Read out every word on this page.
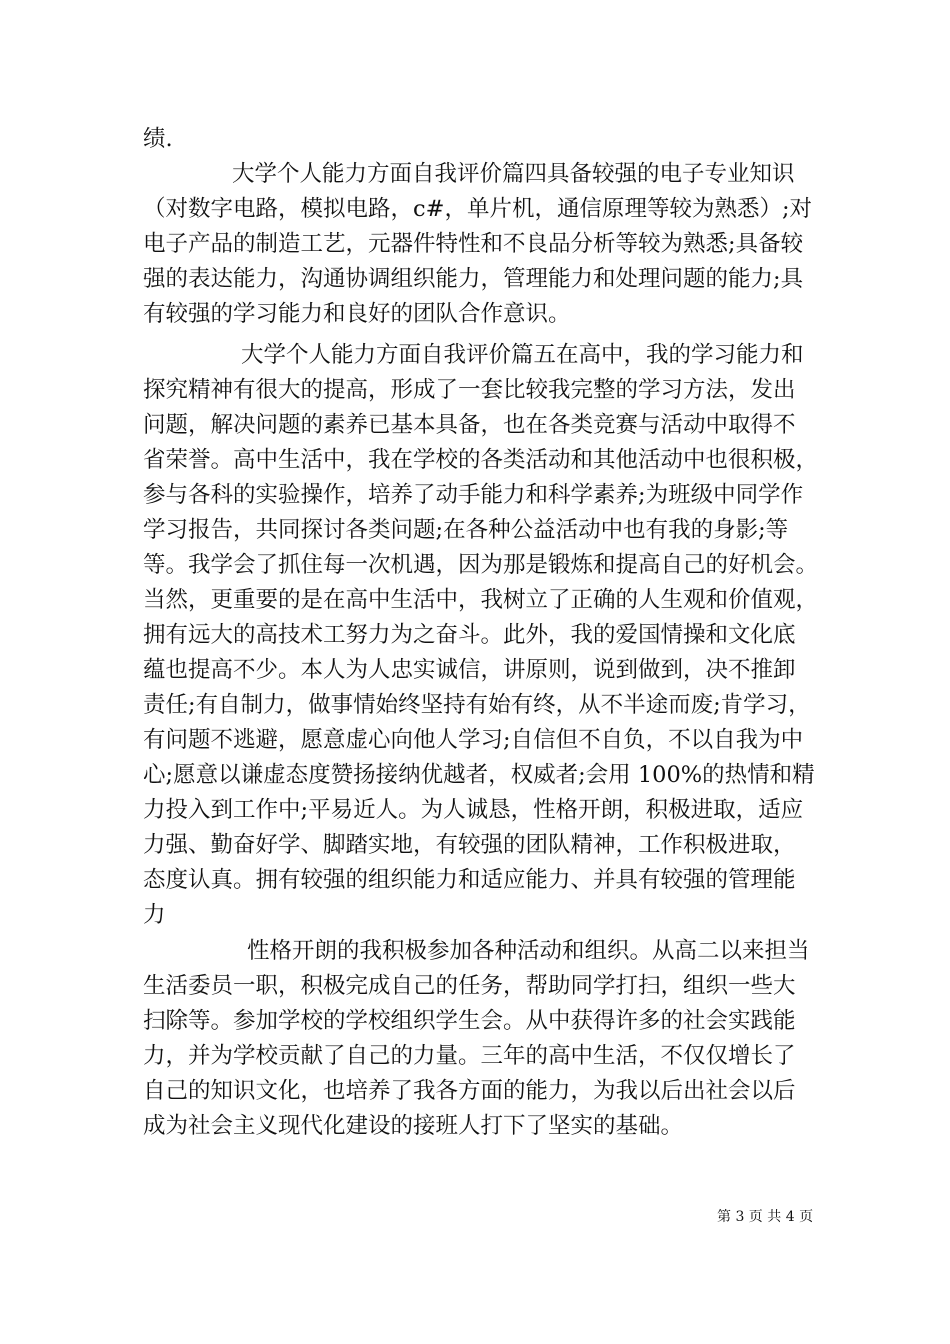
绩.
大学个人能力方面自我评价篇四具备较强的电子专业知识
（对数字电路，模拟电路，c#，单片机，通信原理等较为熟悉）;对
电子产品的制造工艺，元器件特性和不良品分析等较为熟悉;具备较
强的表达能力，沟通协调组织能力，管理能力和处理问题的能力;具
有较强的学习能力和良好的团队合作意识。
大学个人能力方面自我评价篇五在高中，我的学习能力和
探究精神有很大的提高，形成了一套比较我完整的学习方法，发出
问题，解决问题的素养已基本具备，也在各类竞赛与活动中取得不
省荣誉。高中生活中，我在学校的各类活动和其他活动中也很积极，
参与各科的实验操作，培养了动手能力和科学素养;为班级中同学作
学习报告，共同探讨各类问题;在各种公益活动中也有我的身影;等
等。我学会了抓住每一次机遇，因为那是锻炼和提高自己的好机会。
当然，更重要的是在高中生活中，我树立了正确的人生观和价值观，
拥有远大的高技术工努力为之奋斗。此外，我的爱国情操和文化底
蕴也提高不少。本人为人忠实诚信，讲原则，说到做到，决不推卸
责任;有自制力，做事情始终坚持有始有终，从不半途而废;肯学习，
有问题不逃避，愿意虚心向他人学习;自信但不自负，不以自我为中
心;愿意以谦虚态度赞扬接纳优越者，权威者;会用 100%的热情和精
力投入到工作中;平易近人。为人诚恳，性格开朗，积极进取，适应
力强、勤奋好学、脚踏实地，有较强的团队精神，工作积极进取，
态度认真。拥有较强的组织能力和适应能力、并具有较强的管理能
力
性格开朗的我积极参加各种活动和组织。从高二以来担当
生活委员一职，积极完成自己的任务，帮助同学打扫，组织一些大
扫除等。参加学校的学校组织学生会。从中获得许多的社会实践能
力，并为学校贡献了自己的力量。三年的高中生活，不仅仅增长了
自己的知识文化，也培养了我各方面的能力，为我以后出社会以后
成为社会主义现代化建设的接班人打下了坚实的基础。
第 3 页 共 4 页
